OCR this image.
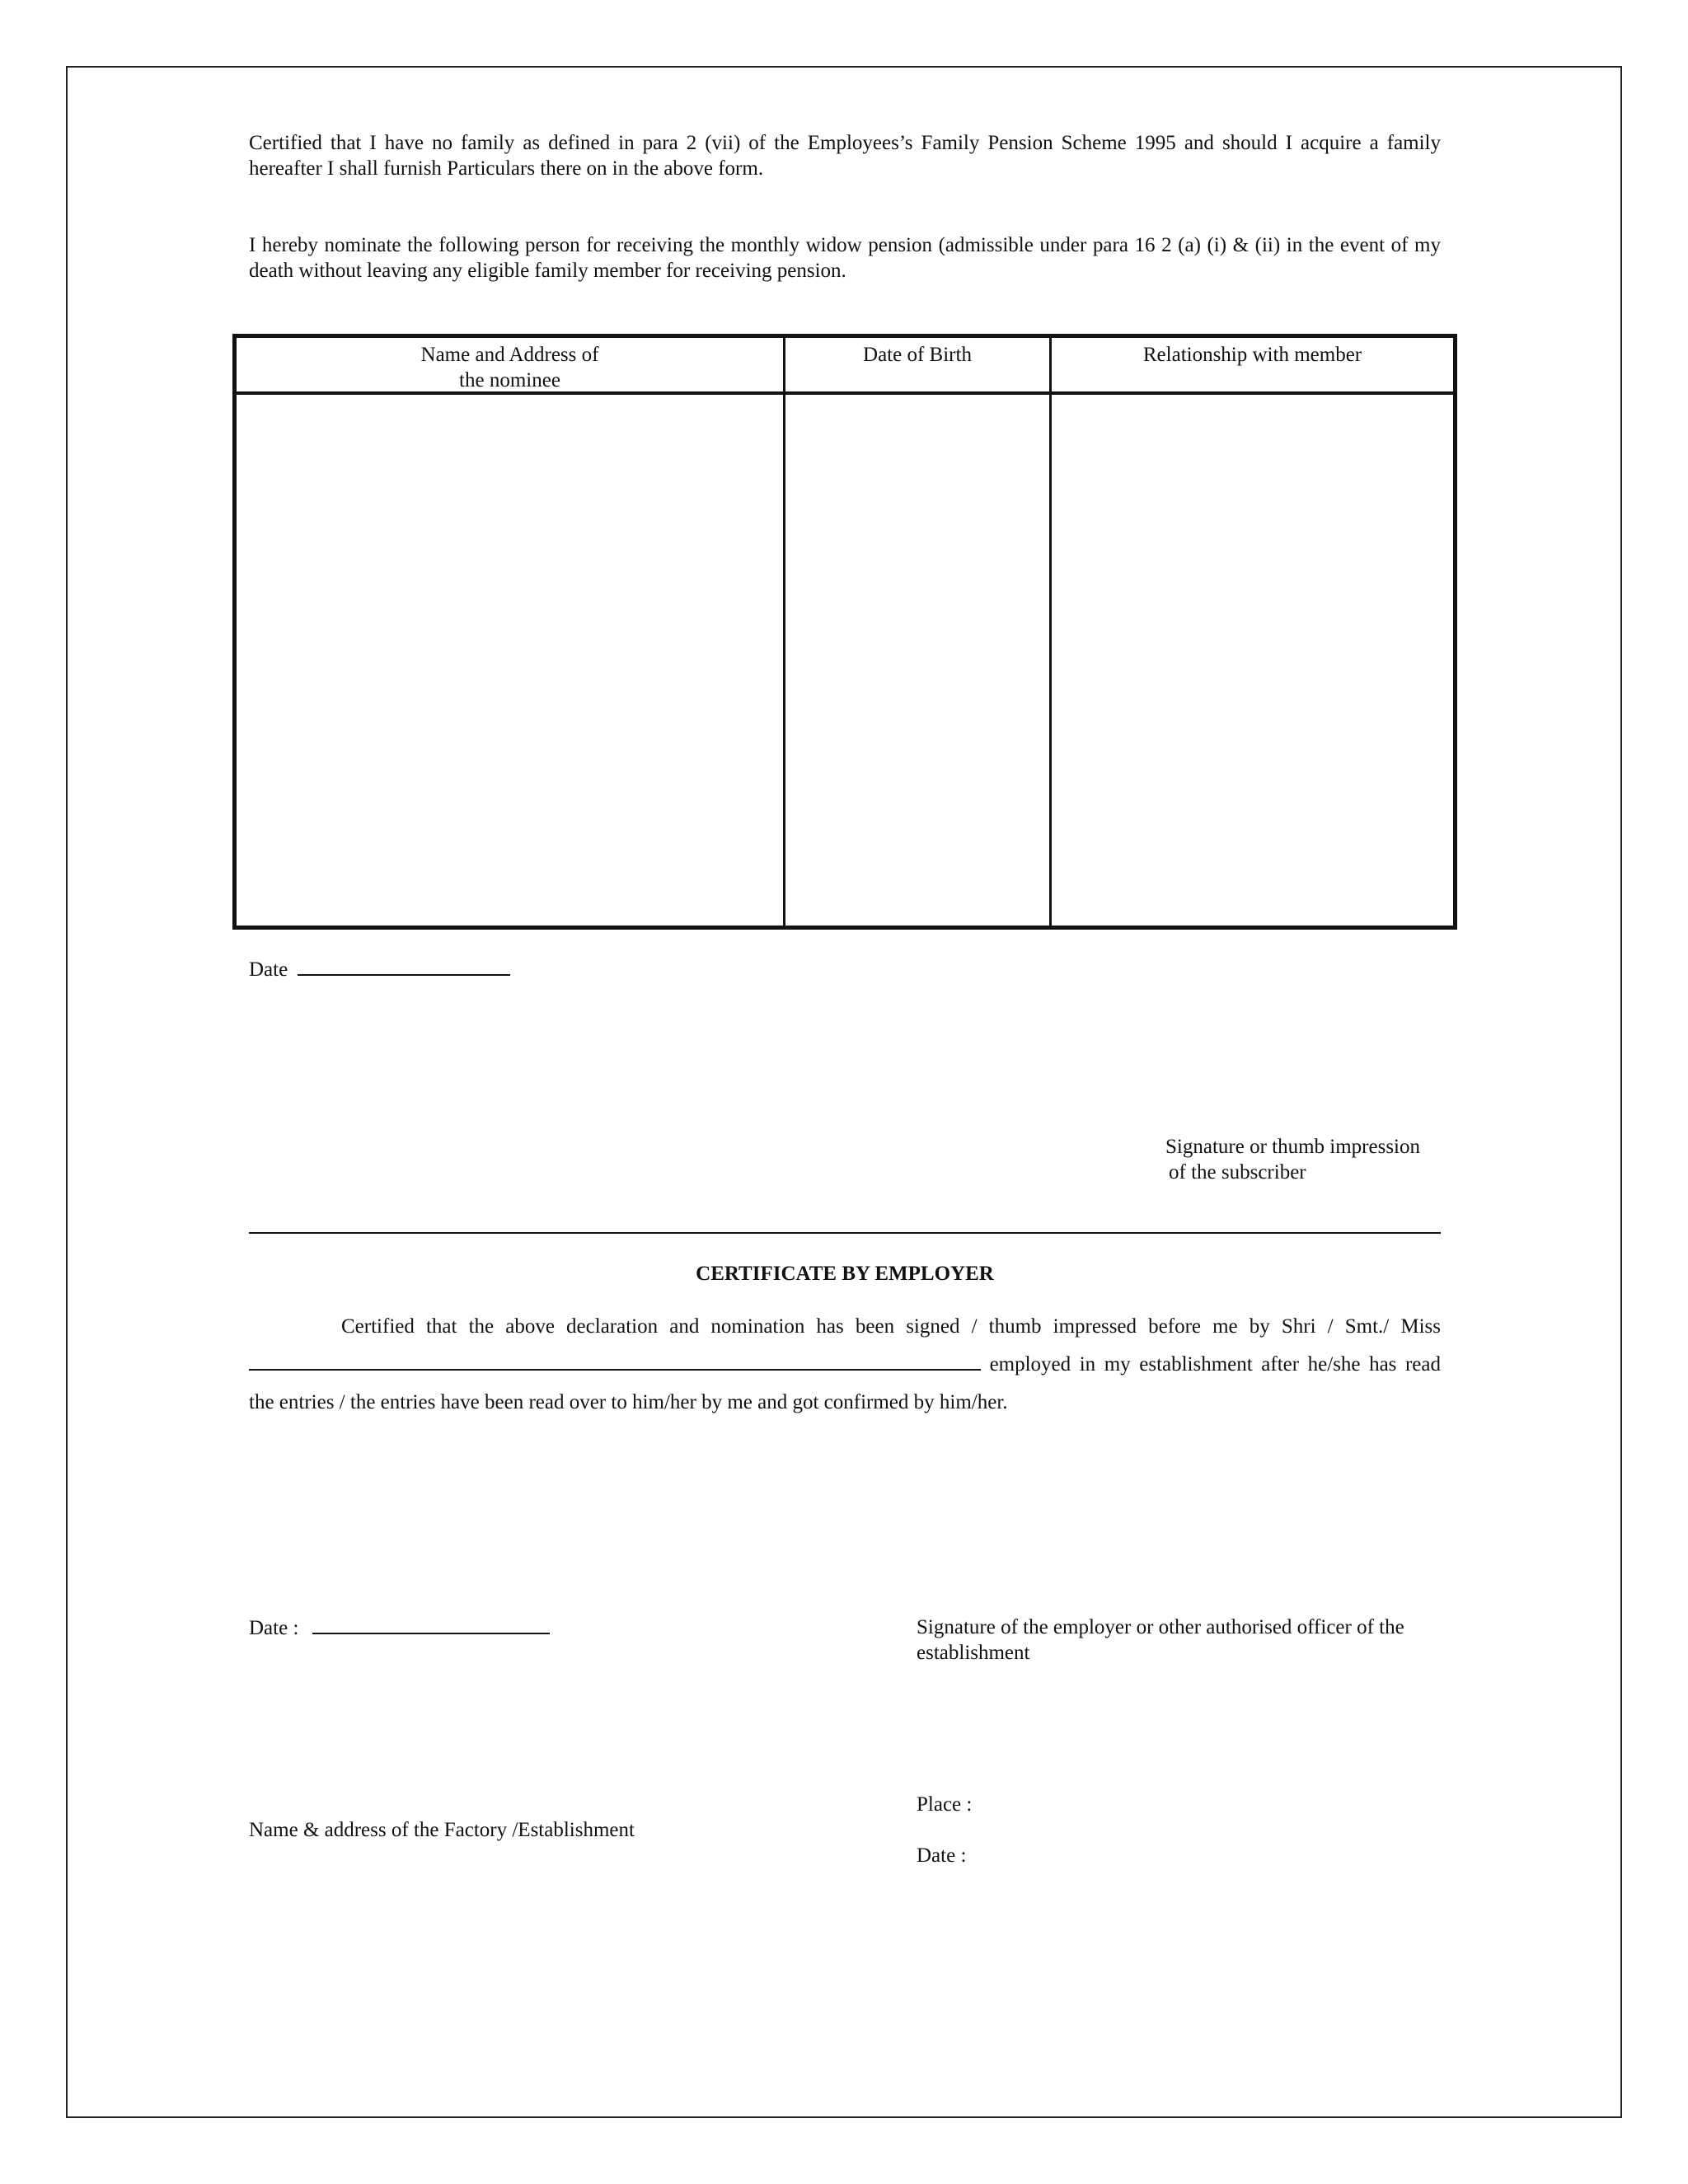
Certified that I have no family as defined in para 2 (vii) of the Employees’s Family Pension Scheme 1995 and should I acquire a family hereafter I shall furnish Particulars there on in the above form.
I hereby nominate the following person for receiving the monthly widow pension (admissible under para 16 2 (a) (i) & (ii) in the event of my death without leaving any eligible family member for receiving pension.
Name and Address of
the nominee
Date of Birth	Relationship with member
Date
Signature or thumb impression
of the subscriber
CERTIFICATE BY EMPLOYER
Certified that the above declaration and nomination has been signed / thumb impressed before me by Shri / Smt./ Miss employed in my establishment after he/she has read the entries / the entries have been read over to him/her by me and got confirmed by him/her.
Date :	Signature of the employer or other authorised officer of the establishment
Name & address of the Factory /Establishment
Place :
Date :
